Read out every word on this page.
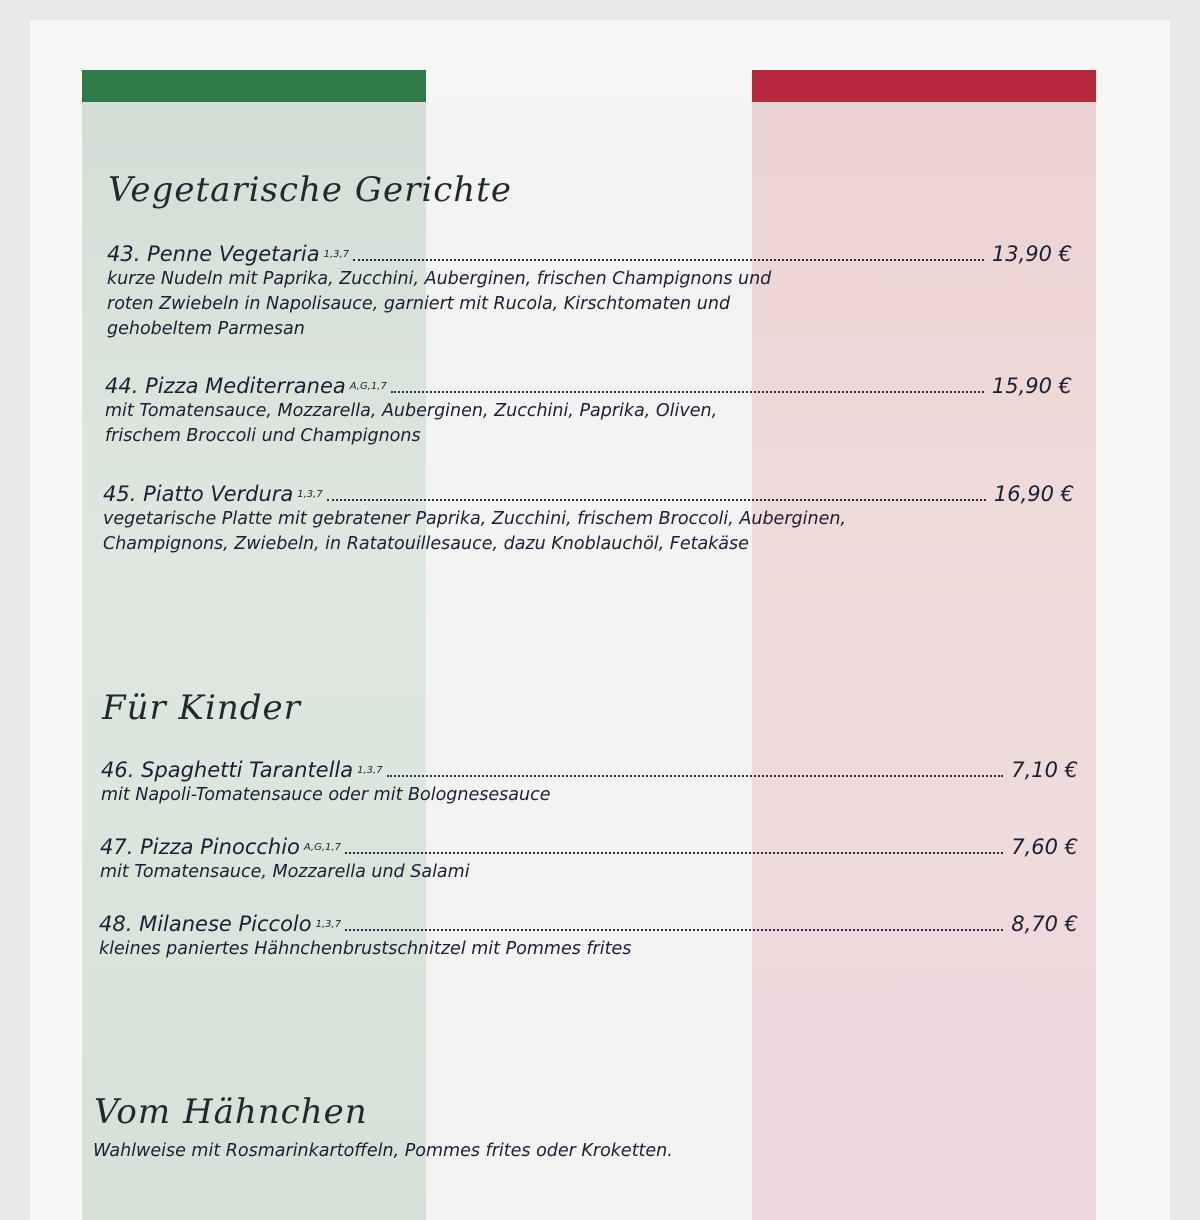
Vegetarische Gerichte
43. Penne Vegetaria 1,3,7	13,90 €
kurze Nudeln mit Paprika, Zucchini, Auberginen, frischen Champignons und roten Zwiebeln in Napolisauce, garniert mit Rucola, Kirschtomaten und gehobeltem Parmesan
44. Pizza Mediterranea A,G,1,7	15,90 €
mit Tomatensauce, Mozzarella, Auberginen, Zucchini, Paprika, Oliven, frischem Broccoli und Champignons
45. Piatto Verdura 1,3,7	16,90 €
vegetarische Platte mit gebratener Paprika, Zucchini, frischem Broccoli, Auberginen, Champignons, Zwiebeln, in Ratatouillesauce, dazu Knoblauchöl, Fetakäse
Für Kinder
46. Spaghetti Tarantella 1,3,7	7,10 €
mit Napoli-Tomatensauce oder mit Bolognesesauce
47. Pizza Pinocchio A,G,1,7	7,60 €
mit Tomatensauce, Mozzarella und Salami
48. Milanese Piccolo 1,3,7	8,70 €
kleines paniertes Hähnchenbrustschnitzel mit Pommes frites
Vom Hähnchen
Wahlweise mit Rosmarinkartoffeln, Pommes frites oder Kroketten.
